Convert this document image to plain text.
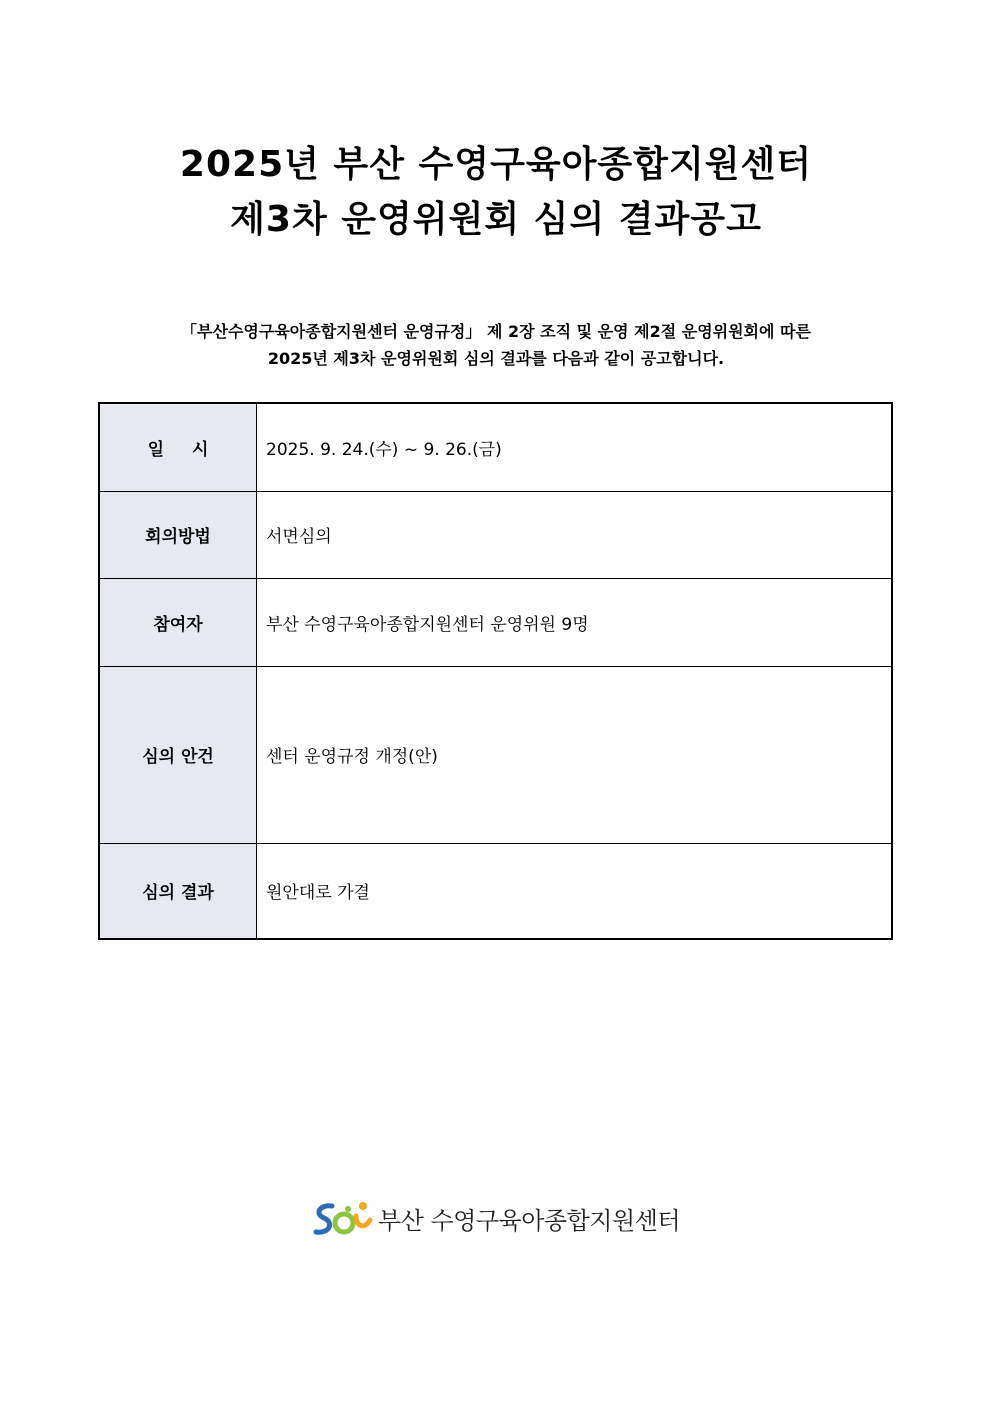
2025년 부산 수영구육아종합지원센터
제3차 운영위원회 심의 결과공고

「부산수영구육아종합지원센터 운영규정」 제 2장 조직 및 운영 제2절 운영위원회에 따른

2025년 제3차 운영위원회 심의 결과를 다음과 같이 공고합니다.

일시	2025. 9. 24.(수) ~ 9. 26.(금)
회의방법	서면심의
참여자	부산 수영구육아종합지원센터 운영위원 9명
심의 안건	센터 운영규정 개정(안)
심의 결과	원안대로 가결
부산 수영구육아종합지원센터
